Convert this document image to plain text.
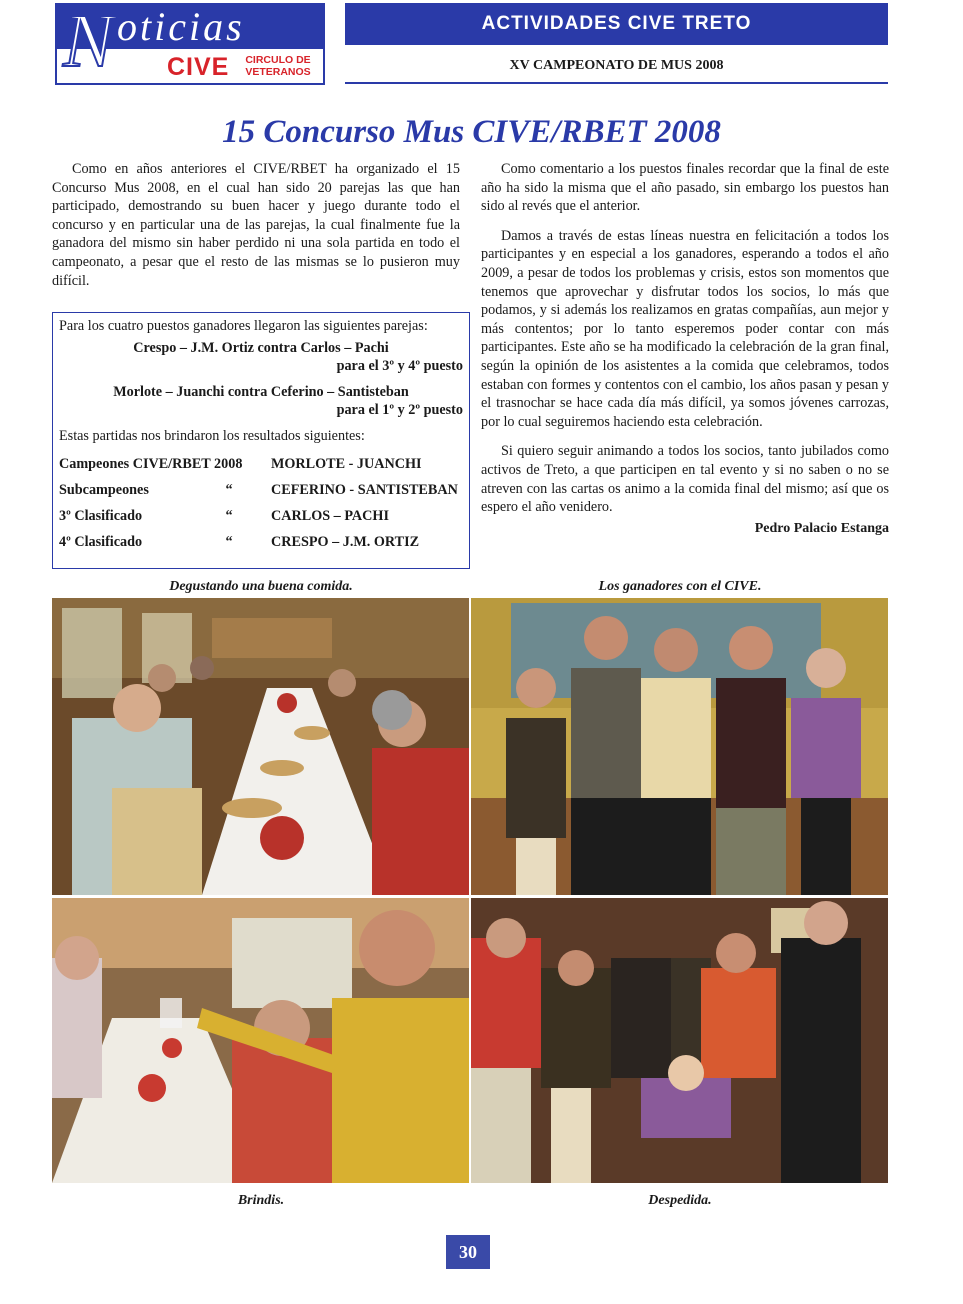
N oticias
CIVE	CIRCULO DE
VETERANOS
ACTIVIDADES CIVE TRETO
XV CAMPEONATO DE MUS 2008
15 Concurso Mus CIVE/RBET 2008

Como en años anteriores el CIVE/RBET ha organizado el 15 Concurso Mus 2008, en el cual han sido 20 parejas las que han participado, demostrando su buen hacer y juego durante todo el concurso y en particular una de las parejas, la cual finalmente fue la ganadora del mismo sin haber perdido ni una sola partida en todo el campeonato, a pesar que el resto de las mismas se lo pusieron muy difícil.

Para los cuatro puestos ganadores llegaron las siguientes parejas:

Crespo – J.M. Ortiz contra Carlos – Pachi

para el 3º y 4º puesto

Morlote – Juanchi contra Ceferino – Santisteban

para el 1º y 2º puesto

Estas partidas nos brindaron los resultados siguientes:

Campeones CIVE/RBET 2008	MORLOTE - JUANCHI
Subcampeones	“	CEFERINO - SANTISTEBAN
3º Clasificado	“	CARLOS – PACHI
4º Clasificado	“	CRESPO – J.M. ORTIZ

Como comentario a los puestos finales recordar que la final de este año ha sido la misma que el año pasado, sin embargo los puestos han sido al revés que el anterior.

Damos a través de estas líneas nuestra en felicitación a todos los participantes y en especial a los ganadores, esperando a todos el año 2009, a pesar de todos los problemas y crisis, estos son momentos que tenemos que aprovechar y disfrutar todos los socios, lo más que podamos, y si además los realizamos en gratas compañías, aun mejor y más contentos; por lo tanto esperemos poder contar con más participantes. Este año se ha modificado la celebración de la gran final, según la opinión de los asistentes a la comida que celebramos, todos estaban con formes y contentos con el cambio, los años pasan y pesan y el trasnochar se hace cada día más difícil, ya somos jóvenes carrozas, por lo cual seguiremos haciendo esta celebración.

Si quiero seguir animando a todos los socios, tanto jubilados como activos de Treto, a que participen en tal evento y si no saben o no se atreven con las cartas os animo a la comida final del mismo; así que os espero el año venidero.

Pedro Palacio Estanga
Degustando una buena comida.	Los ganadores con el CIVE.
Brindis.	Despedida.
30
